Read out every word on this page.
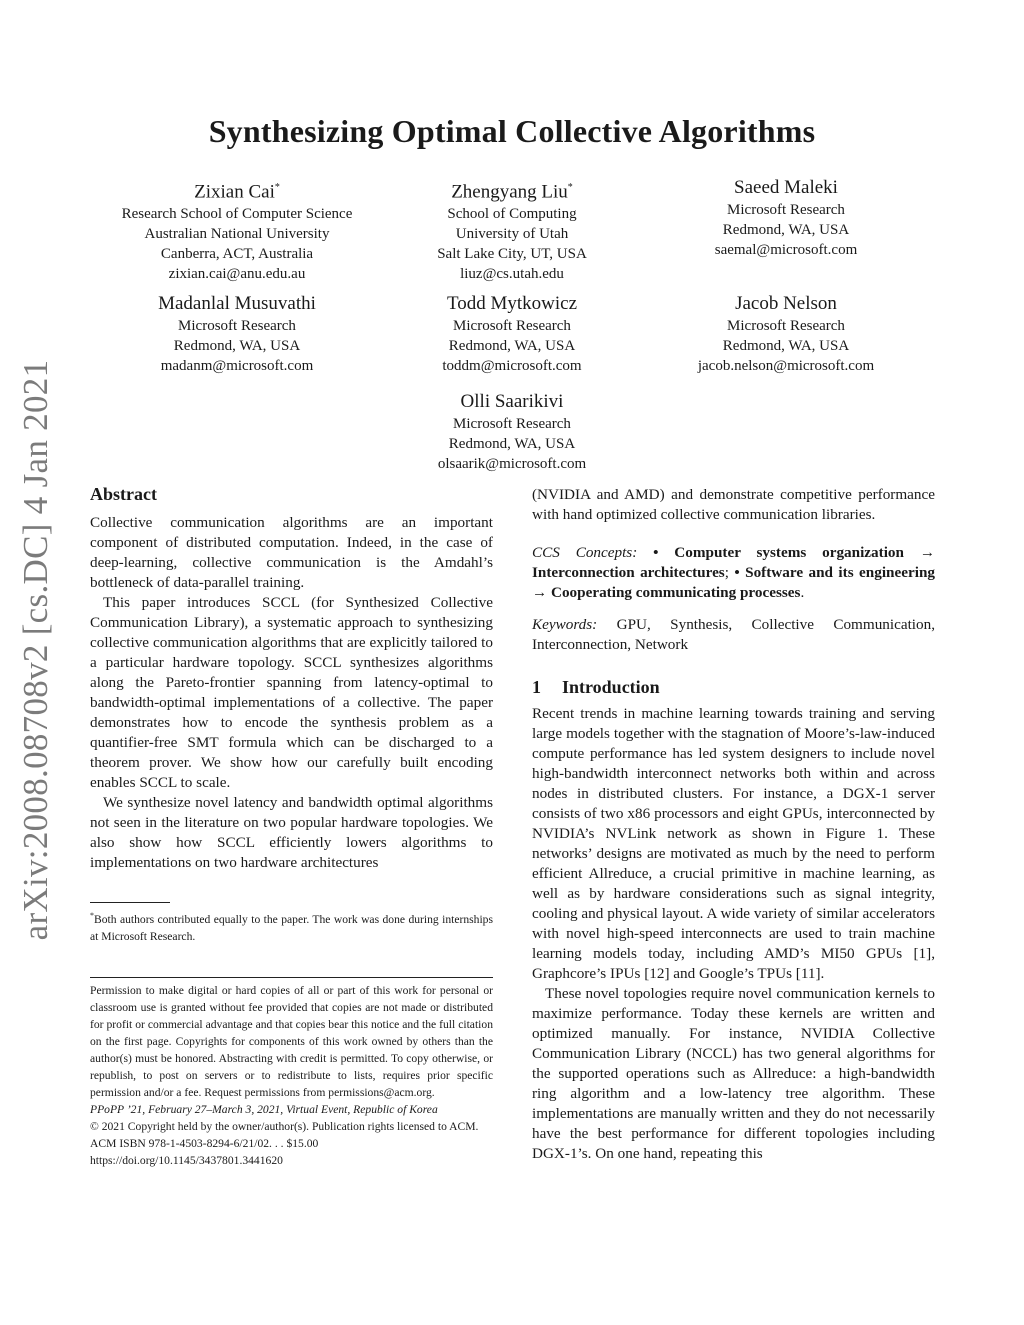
arXiv:2008.08708v2 [cs.DC] 4 Jan 2021
Synthesizing Optimal Collective Algorithms
Zixian Cai*
Research School of Computer Science
Australian National University
Canberra, ACT, Australia
zixian.cai@anu.edu.au
Zhengyang Liu*
School of Computing
University of Utah
Salt Lake City, UT, USA
liuz@cs.utah.edu
Saeed Maleki
Microsoft Research
Redmond, WA, USA
saemal@microsoft.com
Madanlal Musuvathi
Microsoft Research
Redmond, WA, USA
madanm@microsoft.com
Todd Mytkowicz
Microsoft Research
Redmond, WA, USA
toddm@microsoft.com
Jacob Nelson
Microsoft Research
Redmond, WA, USA
jacob.nelson@microsoft.com
Olli Saarikivi
Microsoft Research
Redmond, WA, USA
olsaarik@microsoft.com
Abstract

Collective communication algorithms are an important component of distributed computation. Indeed, in the case of deep-learning, collective communication is the Amdahl’s bottleneck of data-parallel training.

This paper introduces SCCL (for Synthesized Collective Communication Library), a systematic approach to synthesizing collective communication algorithms that are explicitly tailored to a particular hardware topology. SCCL synthesizes algorithms along the Pareto-frontier spanning from latency-optimal to bandwidth-optimal implementations of a collective. The paper demonstrates how to encode the synthesis problem as a quantifier-free SMT formula which can be discharged to a theorem prover. We show how our carefully built encoding enables SCCL to scale.

We synthesize novel latency and bandwidth optimal algorithms not seen in the literature on two popular hardware topologies. We also show how SCCL efficiently lowers algorithms to implementations on two hardware architectures

*Both authors contributed equally to the paper. The work was done during internships at Microsoft Research.

Permission to make digital or hard copies of all or part of this work for personal or classroom use is granted without fee provided that copies are not made or distributed for profit or commercial advantage and that copies bear this notice and the full citation on the first page. Copyrights for components of this work owned by others than the author(s) must be honored. Abstracting with credit is permitted. To copy otherwise, or republish, to post on servers or to redistribute to lists, requires prior specific permission and/or a fee. Request permissions from permissions@acm.org.

PPoPP ’21, February 27–March 3, 2021, Virtual Event, Republic of Korea

© 2021 Copyright held by the owner/author(s). Publication rights licensed to ACM.

ACM ISBN 978-1-4503-8294-6/21/02. . . $15.00

https://doi.org/10.1145/3437801.3441620

(NVIDIA and AMD) and demonstrate competitive performance with hand optimized collective communication libraries.

CCS Concepts: • Computer systems organization → Interconnection architectures; • Software and its engineering → Cooperating communicating processes.

Keywords: GPU, Synthesis, Collective Communication, Interconnection, Network

1 Introduction

Recent trends in machine learning towards training and serving large models together with the stagnation of Moore’s-law-induced compute performance has led system designers to include novel high-bandwidth interconnect networks both within and across nodes in distributed clusters. For instance, a DGX-1 server consists of two x86 processors and eight GPUs, interconnected by NVIDIA’s NVLink network as shown in Figure 1. These networks’ designs are motivated as much by the need to perform efficient Allreduce, a crucial primitive in machine learning, as well as by hardware considerations such as signal integrity, cooling and physical layout. A wide variety of similar accelerators with novel high-speed interconnects are used to train machine learning models today, including AMD’s MI50 GPUs [1], Graphcore’s IPUs [12] and Google’s TPUs [11].

These novel topologies require novel communication kernels to maximize performance. Today these kernels are written and optimized manually. For instance, NVIDIA Collective Communication Library (NCCL) has two general algorithms for the supported operations such as Allreduce: a high-bandwidth ring algorithm and a low-latency tree algorithm. These implementations are manually written and they do not necessarily have the best performance for different topologies including DGX-1’s. On one hand, repeating this
